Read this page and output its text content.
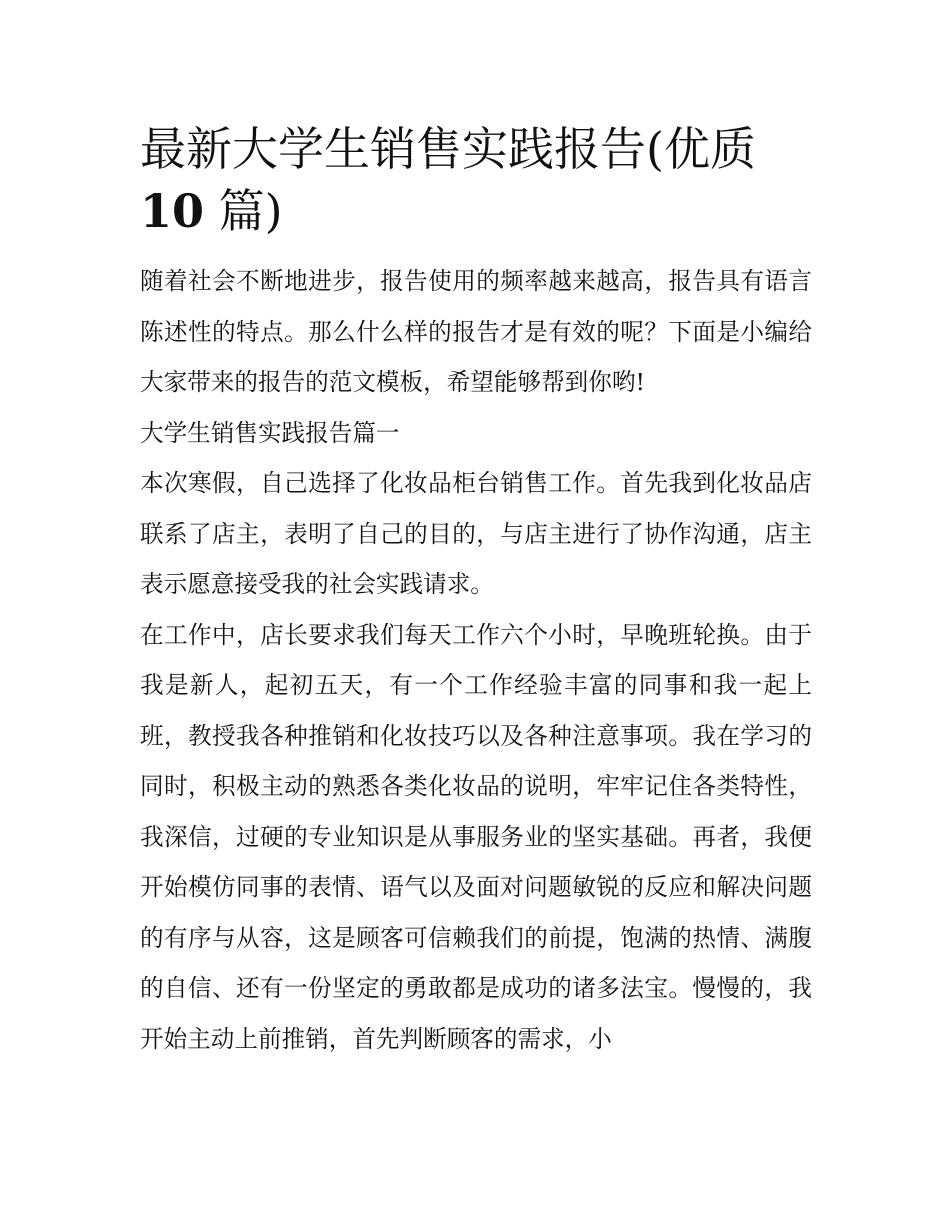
最新大学生销售实践报告(优质
10 篇)

随着社会不断地进步，报告使用的频率越来越高，报告具有语言陈述性的特点。那么什么样的报告才是有效的呢？下面是小编给大家带来的报告的范文模板，希望能够帮到你哟!

大学生销售实践报告篇一

本次寒假，自己选择了化妆品柜台销售工作。首先我到化妆品店联系了店主，表明了自己的目的，与店主进行了协作沟通，店主表示愿意接受我的社会实践请求。

在工作中，店长要求我们每天工作六个小时，早晚班轮换。由于我是新人，起初五天，有一个工作经验丰富的同事和我一起上班，教授我各种推销和化妆技巧以及各种注意事项。我在学习的同时，积极主动的熟悉各类化妆品的说明，牢牢记住各类特性，我深信，过硬的专业知识是从事服务业的坚实基础。再者，我便开始模仿同事的表情、语气以及面对问题敏锐的反应和解决问题的有序与从容，这是顾客可信赖我们的前提，饱满的热情、满腹的自信、还有一份坚定的勇敢都是成功的诸多法宝。慢慢的，我开始主动上前推销，首先判断顾客的需求，小
